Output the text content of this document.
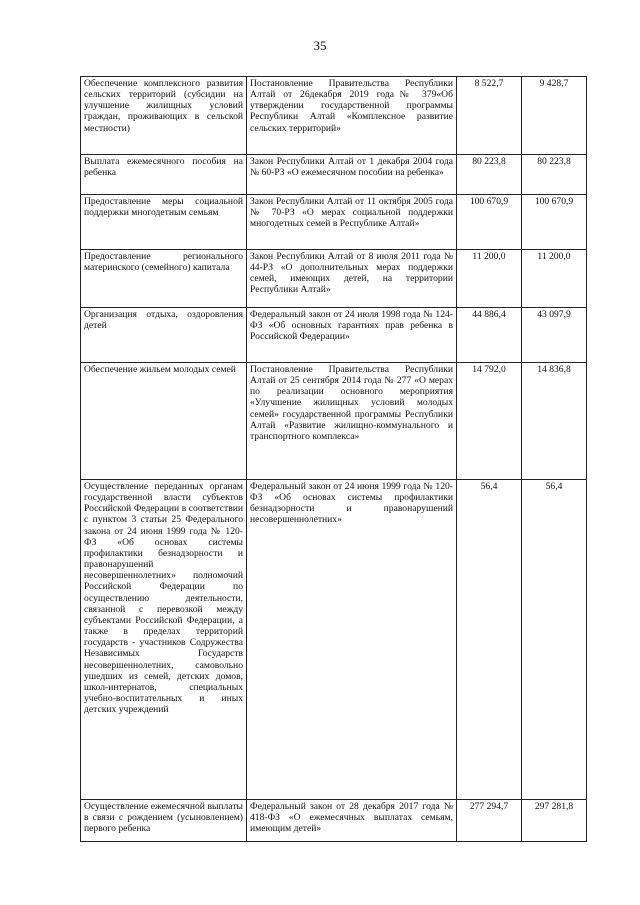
35
Обеспечение комплексного развития сельских территорий (субсидии на улучшение жилищных условий граждан, проживающих в сельской местности)	Постановление Правительства Республики Алтай от 26декабря 2019 года№ 379«Об утверждении государственной программы Республики Алтай «Комплексное развитие сельских территорий»	8 522,7	9 428,7
Выплата ежемесячного пособия на ребенка	Закон Республики Алтай от 1 декабря 2004 года № 60-РЗ «О ежемесячном пособии на ребенка»	80 223,8	80 223,8
Предоставление меры социальной поддержки многодетным семьям	Закон Республики Алтай от 11 октября 2005 года № 70-РЗ «О мерах социальной поддержки многодетных семей в Республике Алтай»	100 670,9	100 670,9
Предоставление регионального материнского (семейного) капитала	Закон Республики Алтай от 8 июля 2011 года № 44-РЗ «О дополнительных мерах поддержки семей, имеющих детей, на территории Республики Алтай»	11 200,0	11 200,0
Организация отдыха, оздоровления детей	Федеральный закон от 24 июля 1998 года № 124-ФЗ «Об основных гарантиях прав ребенка в Российской Федерации»	44 886,4	43 097,9
Обеспечение жильем молодых семей	Постановление Правительства Республики Алтай от 25 сентября 2014 года № 277 «О мерах по реализации основного мероприятия «Улучшение жилищных условий молодых семей» государственной программы Республики Алтай «Развитие жилищно-коммунального и транспортного комплекса»	14 792,0	14 836,8
Осуществление переданных органам государственной власти субъектов Российской Федерации в соответствии с пунктом 3 статьи 25 Федерального закона от 24 июня 1999 года № 120-ФЗ «Об основах системы профилактики безнадзорности и правонарушений несовершеннолетних» полномочий Российской Федерации по осуществлению деятельности, связанной с перевозкой между субъектами Российской Федерации, а также в пределах территорий государств - участников Содружества Независимых Государств несовершеннолетних, самовольно ушедших из семей, детских домов, школ-интернатов, специальных учебно-воспитательных и иных детских учреждений	Федеральный закон от 24 июня 1999 года № 120-ФЗ «Об основах системы профилактики безнадзорности и правонарушений несовершеннолетних»	56,4	56,4
Осуществление ежемесячной выплаты в связи с рождением (усыновлением) первого ребенка	Федеральный закон от 28 декабря 2017 года № 418-ФЗ «О ежемесячных выплатах семьям, имеющим детей»	277 294,7	297 281,8
